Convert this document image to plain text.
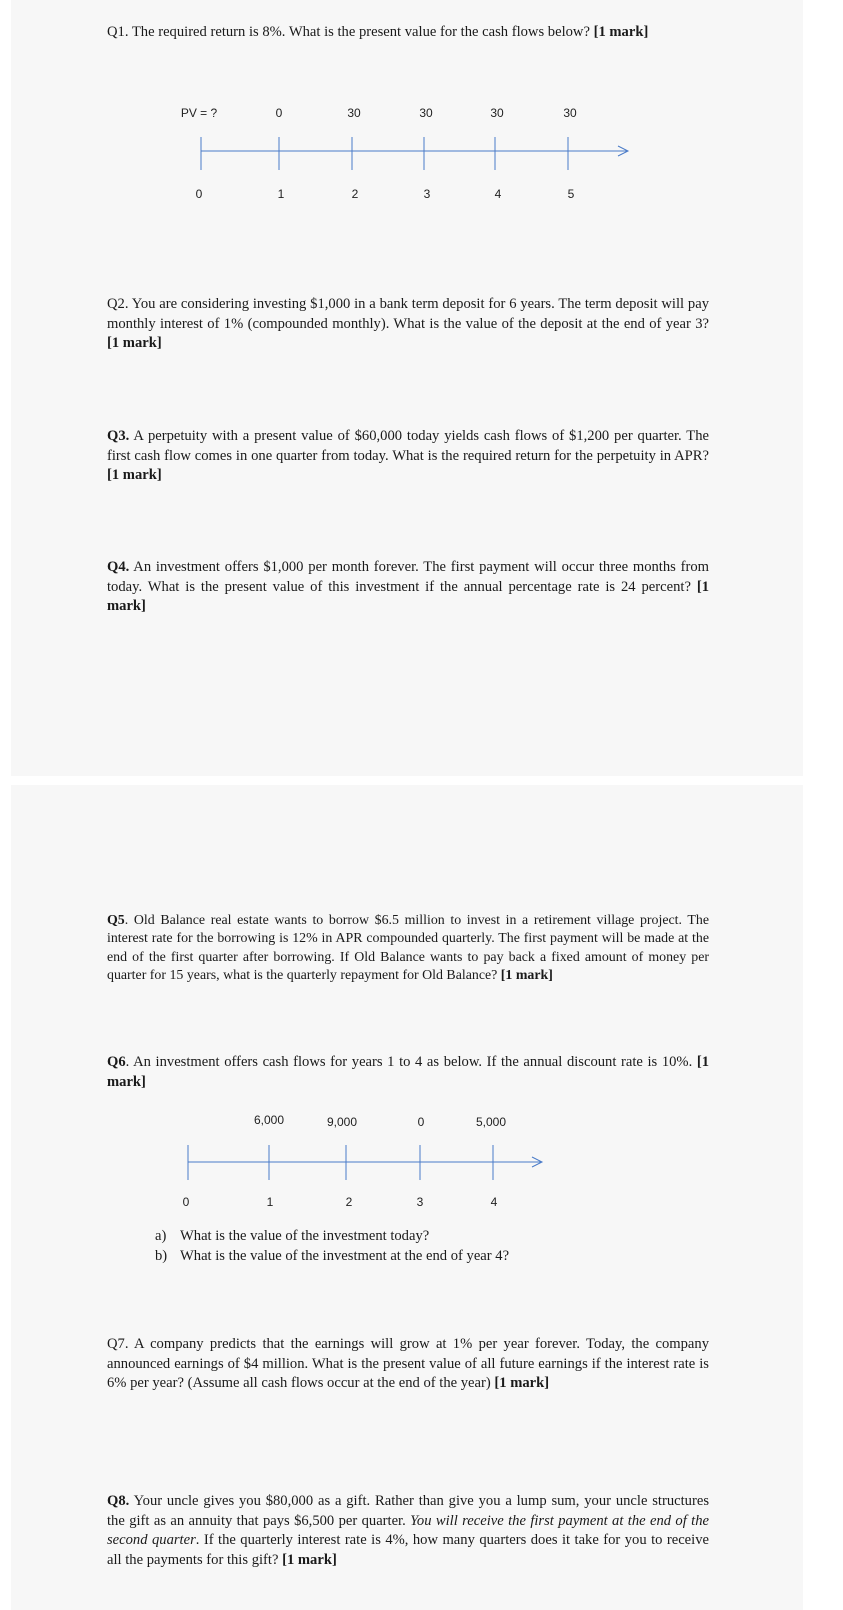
Q1. The required return is 8%. What is the present value for the cash flows below? [1 mark]
PV = ?	0	30	30	30	30
0	1	2	3	4	5
Q2. You are considering investing $1,000 in a bank term deposit for 6 years. The term deposit will pay monthly interest of 1% (compounded monthly). What is the value of the deposit at the end of year 3? [1 mark]
Q3. A perpetuity with a present value of $60,000 today yields cash flows of $1,200 per quarter. The first cash flow comes in one quarter from today. What is the required return for the perpetuity in APR? [1 mark]
Q4. An investment offers $1,000 per month forever. The first payment will occur three months from today. What is the present value of this investment if the annual percentage rate is 24 percent? [1 mark]
Q5. Old Balance real estate wants to borrow $6.5 million to invest in a retirement village project. The interest rate for the borrowing is 12% in APR compounded quarterly. The first payment will be made at the end of the first quarter after borrowing. If Old Balance wants to pay back a fixed amount of money per quarter for 15 years, what is the quarterly repayment for Old Balance? [1 mark]
Q6. An investment offers cash flows for years 1 to 4 as below. If the annual discount rate is 10%. [1 mark]
6,000	9,000	0	5,000
0	1	2	3	4
a) What is the value of the investment today?
b) What is the value of the investment at the end of year 4?
Q7. A company predicts that the earnings will grow at 1% per year forever. Today, the company announced earnings of $4 million. What is the present value of all future earnings if the interest rate is 6% per year? (Assume all cash flows occur at the end of the year) [1 mark]
Q8. Your uncle gives you $80,000 as a gift. Rather than give you a lump sum, your uncle structures the gift as an annuity that pays $6,500 per quarter. You will receive the first payment at the end of the second quarter. If the quarterly interest rate is 4%, how many quarters does it take for you to receive all the payments for this gift? [1 mark]
